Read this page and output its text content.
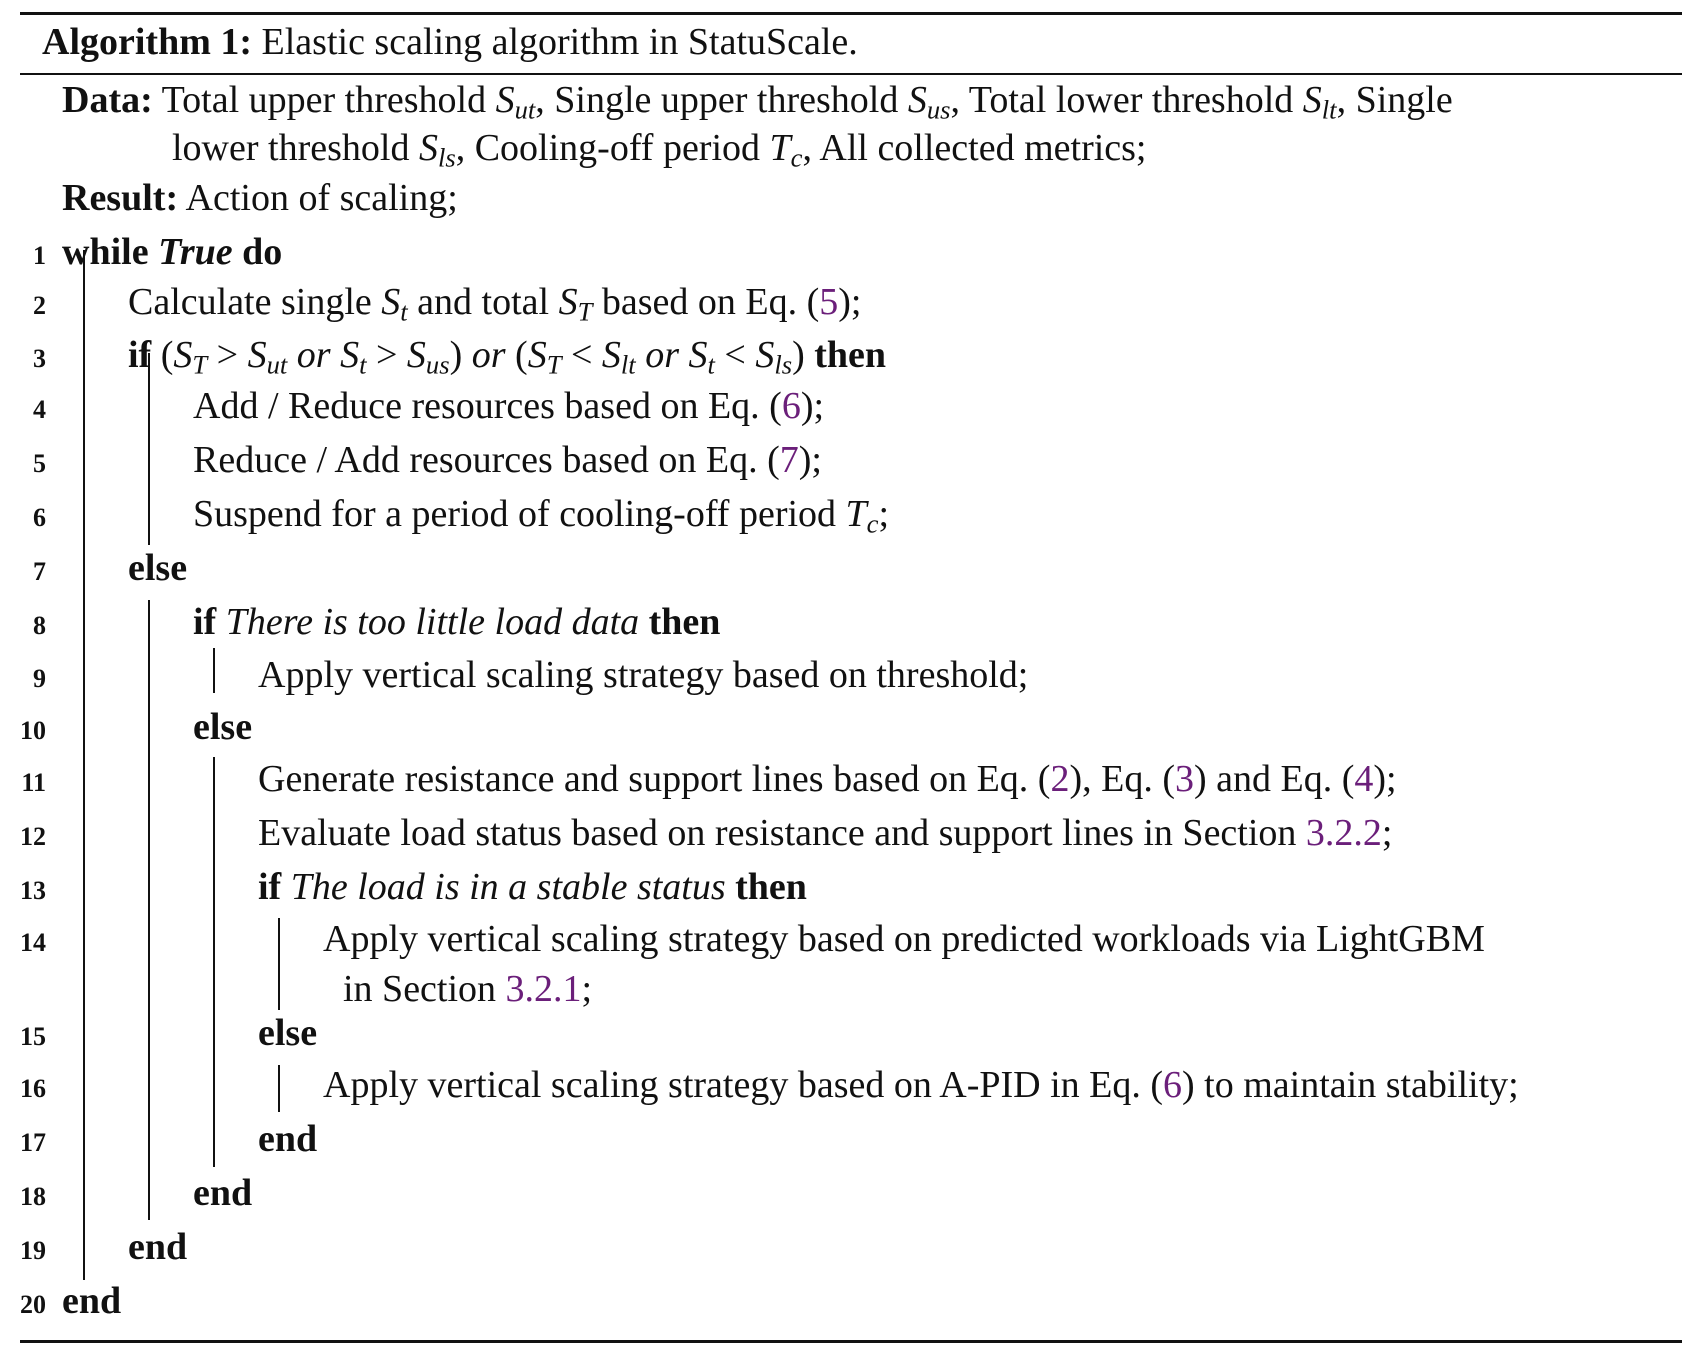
Algorithm 1: Elastic scaling algorithm in StatuScale.
Data: Total upper threshold $S_{ut}$, Single upper threshold $S_{us}$, Total lower threshold $S_{lt}$, Single
lower threshold $S_{ls}$, Cooling-off period $T_c$, All collected metrics;
Result: Action of scaling;
1
2
3
4
5
6
7
8
9
10
11
12
13
14
15
16
17
18
19
20
while True do
Calculate single $S_t$ and total $S_T$ based on Eq. (5);
if ($S_T > S_{ut}$ or $S_t > S_{us}$) or ($S_T < S_{lt}$ or $S_t < S_{ls}$) then
Add / Reduce resources based on Eq. (6);
Reduce / Add resources based on Eq. (7);
Suspend for a period of cooling-off period $T_c$;
else
if There is too little load data then
Apply vertical scaling strategy based on threshold;
else
Generate resistance and support lines based on Eq. (2), Eq. (3) and Eq. (4);
Evaluate load status based on resistance and support lines in Section 3.2.2;
if The load is in a stable status then
Apply vertical scaling strategy based on predicted workloads via LightGBM
in Section 3.2.1;
else
Apply vertical scaling strategy based on A-PID in Eq. (6) to maintain stability;
end
end
end
end
